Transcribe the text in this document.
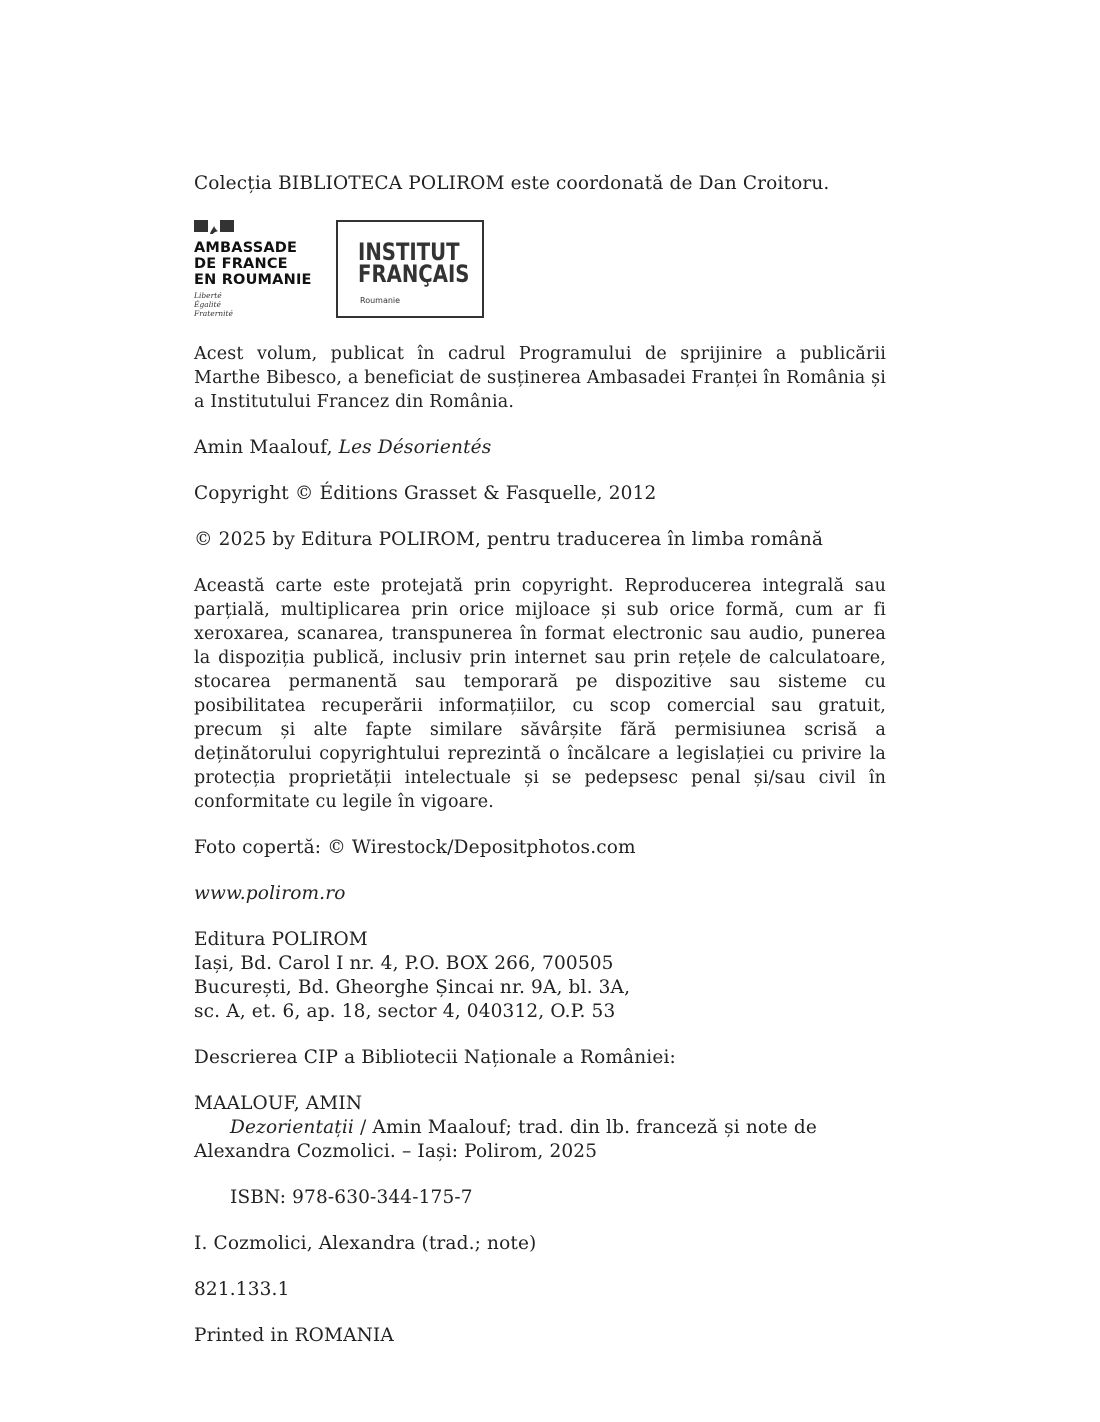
Colecția BIBLIOTECA POLIROM este coordonată de Dan Croitoru.

AMBASSADE
DE FRANCE
EN ROUMANIE
Liberté
Égalité
Fraternité
INSTITUT
FRANÇAIS
Roumanie

Acest volum, publicat în cadrul Programului de sprijinire a publicării Marthe Bibesco, a beneficiat de susținerea Ambasadei Franței în România și a Institutului Francez din România.

Amin Maalouf, Les Désorientés

Copyright © Éditions Grasset & Fasquelle, 2012

© 2025 by Editura POLIROM, pentru traducerea în limba română

Această carte este protejată prin copyright. Reproducerea integrală sau parțială, multiplicarea prin orice mijloace și sub orice formă, cum ar fi xeroxarea, scanarea, transpunerea în format electronic sau audio, punerea la dispoziția publică, inclusiv prin internet sau prin rețele de calculatoare, stocarea permanentă sau temporară pe dispozitive sau sisteme cu posibilitatea recuperării informațiilor, cu scop comercial sau gratuit, precum și alte fapte similare săvârșite fără permisiunea scrisă a deținătorului copyrightului reprezintă o încălcare a legislației cu privire la protecția proprietății intelectuale și se pedepsesc penal și/sau civil în conformitate cu legile în vigoare.

Foto copertă: © Wirestock/Depositphotos.com

www.polirom.ro

Editura POLIROM

Iași, Bd. Carol I nr. 4, P.O. BOX 266, 700505

București, Bd. Gheorghe Șincai nr. 9A, bl. 3A,

sc. A, et. 6, ap. 18, sector 4, 040312, O.P. 53

Descrierea CIP a Bibliotecii Naționale a României:

MAALOUF, AMIN

Dezorientații / Amin Maalouf; trad. din lb. franceză și note de Alexandra Cozmolici. – Iași: Polirom, 2025

ISBN: 978-630-344-175-7

I. Cozmolici, Alexandra (trad.; note)

821.133.1

Printed in ROMANIA
